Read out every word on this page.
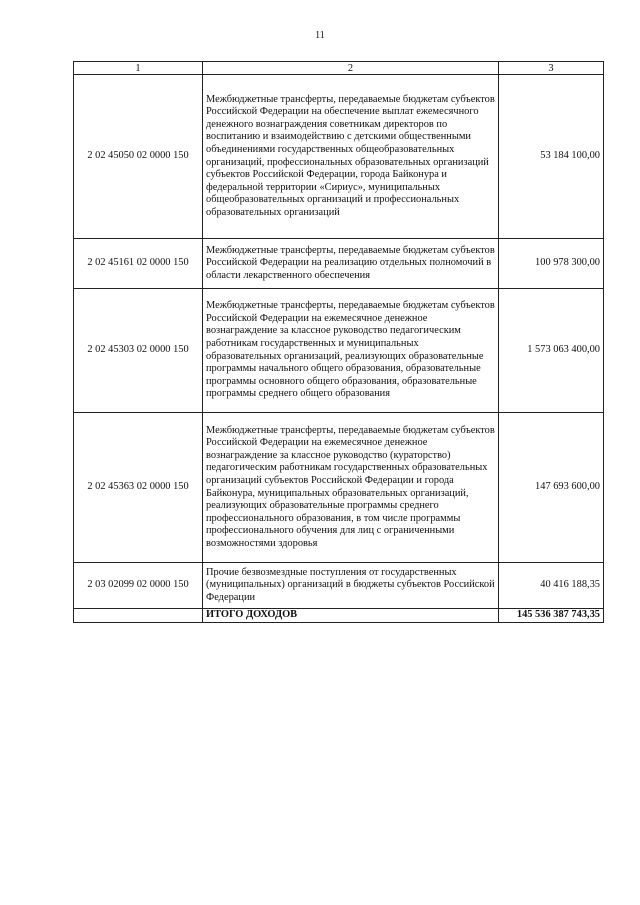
11
1	2	3
2 02 45050 02 0000 150	Межбюджетные трансферты, передаваемые бюджетам субъектов Российской Федерации на обеспечение выплат ежемесячного денежного вознаграждения советникам директоров по воспитанию и взаимодействию с детскими общественными объединениями государственных общеобразовательных организаций, профессиональных образовательных организаций субъектов Российской Федерации, города Байконура и федеральной территории «Сириус», муниципальных общеобразовательных организаций и профессиональных образовательных организаций	53 184 100,00
2 02 45161 02 0000 150	Межбюджетные трансферты, передаваемые бюджетам субъектов Российской Федерации на реализацию отдельных полномочий в области лекарственного обеспечения	100 978 300,00
2 02 45303 02 0000 150	Межбюджетные трансферты, передаваемые бюджетам субъектов Российской Федерации на ежемесячное денежное вознаграждение за классное руководство педагогическим работникам государственных и муниципальных образовательных организаций, реализующих образовательные программы начального общего образования, образовательные программы основного общего образования, образовательные программы среднего общего образования	1 573 063 400,00
2 02 45363 02 0000 150	Межбюджетные трансферты, передаваемые бюджетам субъектов Российской Федерации на ежемесячное денежное вознаграждение за классное руководство (кураторство) педагогическим работникам государственных образовательных организаций субъектов Российской Федерации и города Байконура, муниципальных образовательных организаций, реализующих образовательные программы среднего профессионального образования, в том числе программы профессионального обучения для лиц с ограниченными возможностями здоровья	147 693 600,00
2 03 02099 02 0000 150	Прочие безвозмездные поступления от государственных (муниципальных) организаций в бюджеты субъектов Российской Федерации	40 416 188,35
	ИТОГО ДОХОДОВ	145 536 387 743,35
